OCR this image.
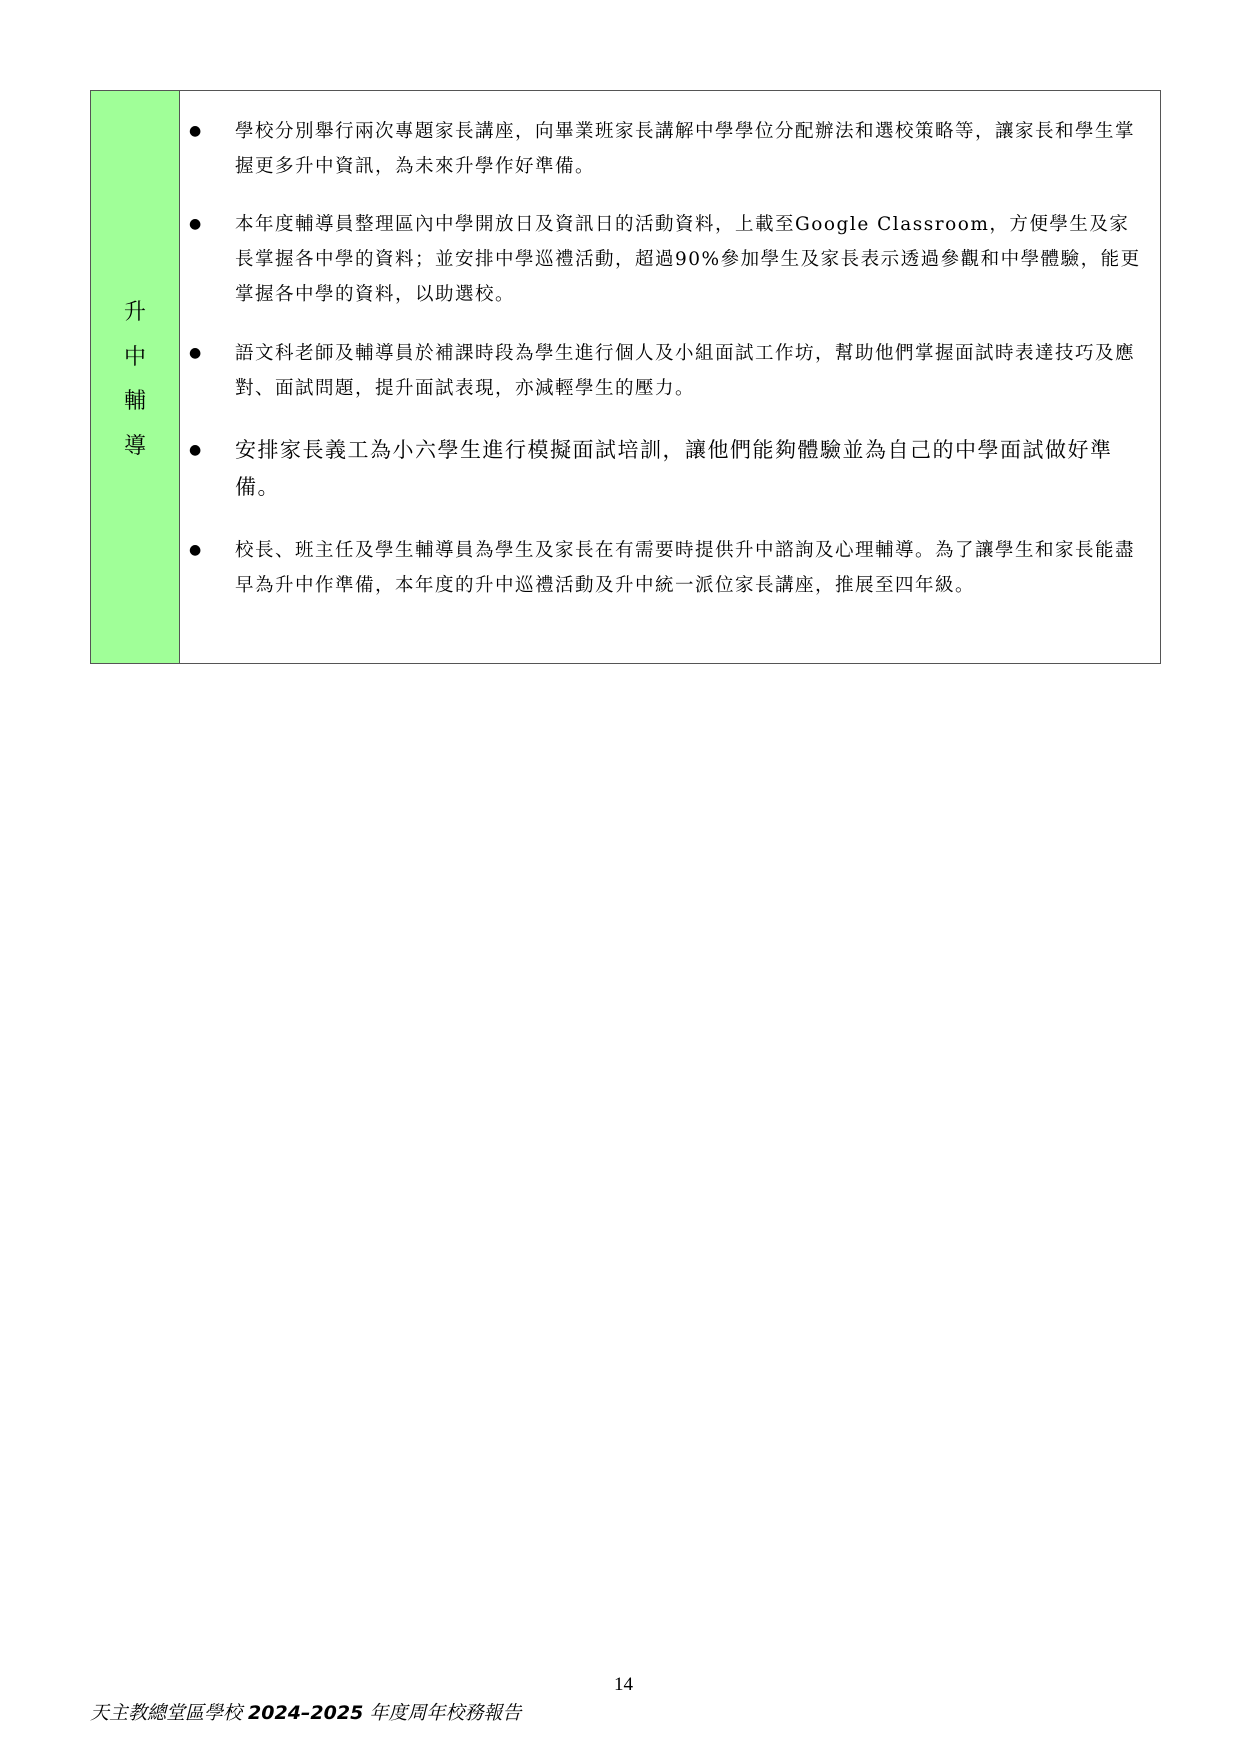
升
中
輔
導
● 學校分別舉行兩次專題家長講座，向畢業班家長講解中學學位分配辦法和選校策略等，讓家長和學生掌握更多升中資訊，為未來升學作好準備。
● 本年度輔導員整理區內中學開放日及資訊日的活動資料，上載至Google Classroom，方便學生及家長掌握各中學的資料；並安排中學巡禮活動，超過90%參加學生及家長表示透過參觀和中學體驗，能更掌握各中學的資料，以助選校。
● 語文科老師及輔導員於補課時段為學生進行個人及小組面試工作坊，幫助他們掌握面試時表達技巧及應對、面試問題，提升面試表現，亦減輕學生的壓力。
● 安排家長義工為小六學生進行模擬面試培訓，讓他們能夠體驗並為自己的中學面試做好準備。
● 校長、班主任及學生輔導員為學生及家長在有需要時提供升中諮詢及心理輔導。為了讓學生和家長能盡早為升中作準備，本年度的升中巡禮活動及升中統一派位家長講座，推展至四年級。
14
天主教總堂區學校 2024–2025 年度周年校務報告
